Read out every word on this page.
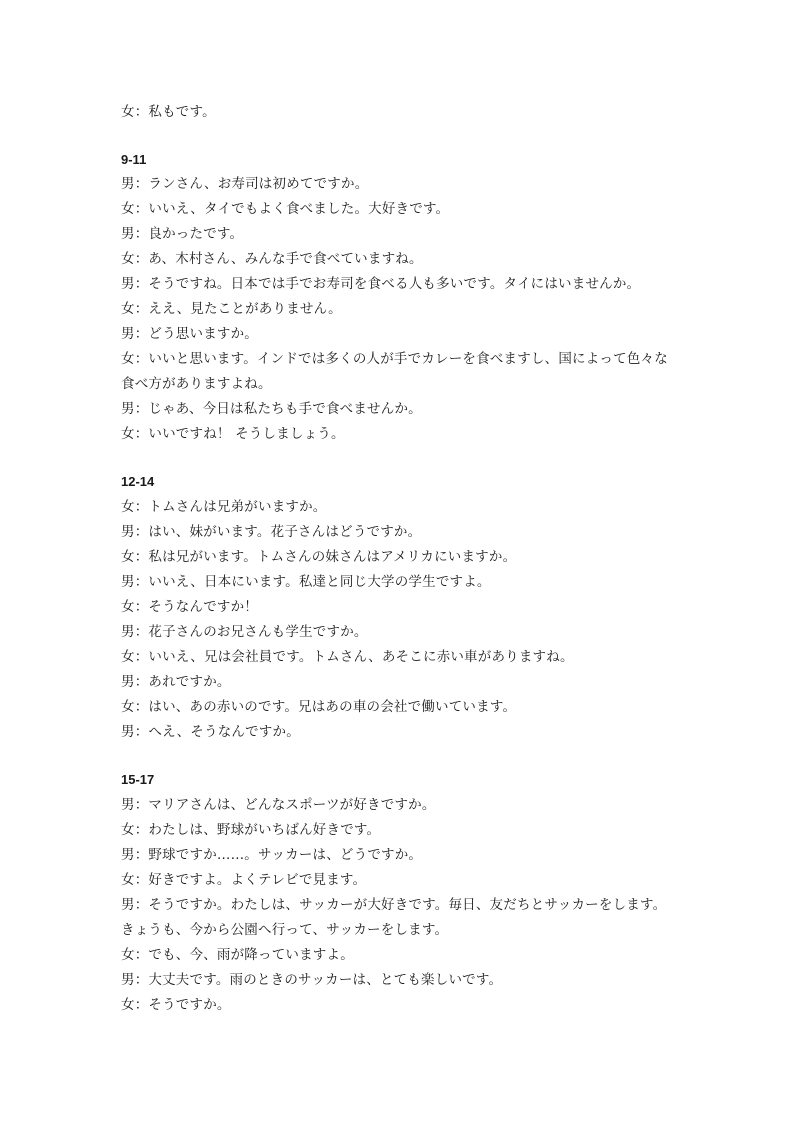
女：私もです。
9-11
男：ランさん、お寿司は初めてですか。
女：いいえ、タイでもよく食べました。大好きです。
男：良かったです。
女：あ、木村さん、みんな手で食べていますね。
男：そうですね。日本では手でお寿司を食べる人も多いです。タイにはいませんか。
女：ええ、見たことがありません。
男：どう思いますか。
女：いいと思います。インドでは多くの人が手でカレーを食べますし、国によって色々な
食べ方がありますよね。
男：じゃあ、今日は私たちも手で食べませんか。
女：いいですね！ そうしましょう。
12-14
女：トムさんは兄弟がいますか。
男：はい、妹がいます。花子さんはどうですか。
女：私は兄がいます。トムさんの妹さんはアメリカにいますか。
男：いいえ、日本にいます。私達と同じ大学の学生ですよ。
女：そうなんですか！
男：花子さんのお兄さんも学生ですか。
女：いいえ、兄は会社員です。トムさん、あそこに赤い車がありますね。
男：あれですか。
女：はい、あの赤いのです。兄はあの車の会社で働いています。
男：へえ、そうなんですか。
15-17
男：マリアさんは、どんなスポーツが好きですか。
女：わたしは、野球がいちばん好きです。
男：野球ですか……。サッカーは、どうですか。
女：好きですよ。よくテレビで見ます。
男：そうですか。わたしは、サッカーが大好きです。毎日、友だちとサッカーをします。
きょうも、今から公園へ行って、サッカーをします。
女：でも、今、雨が降っていますよ。
男：大丈夫です。雨のときのサッカーは、とても楽しいです。
女：そうですか。
